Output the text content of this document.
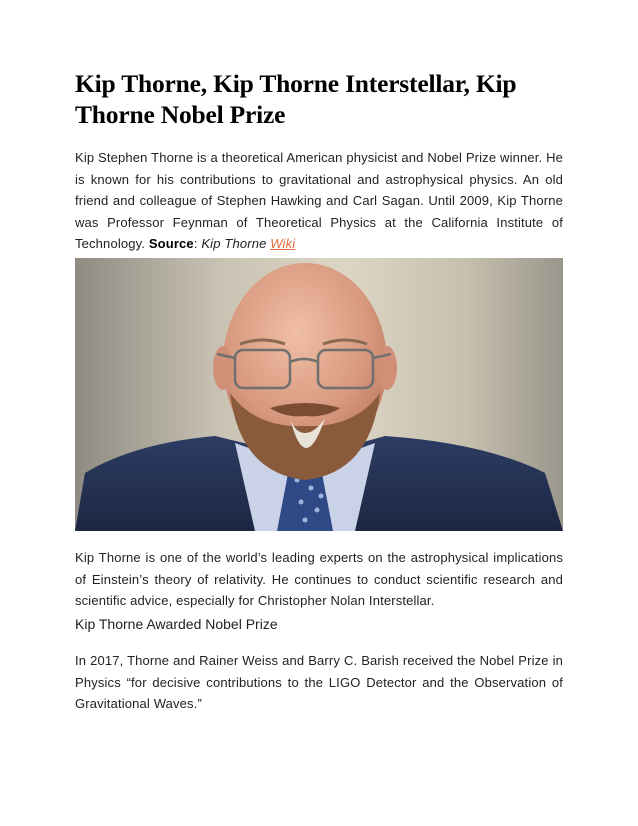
Kip Thorne, Kip Thorne Interstellar, Kip Thorne Nobel Prize

Kip Stephen Thorne is a theoretical American physicist and Nobel Prize winner. He is known for his contributions to gravitational and astrophysical physics. An old friend and colleague of Stephen Hawking and Carl Sagan. Until 2009, Kip Thorne was Professor Feynman of Theoretical Physics at the California Institute of Technology. Source: Kip Thorne Wiki

Kip Thorne is one of the world’s leading experts on the astrophysical implications of Einstein’s theory of relativity. He continues to conduct scientific research and scientific advice, especially for Christopher Nolan Interstellar.

Kip Thorne Awarded Nobel Prize

In 2017, Thorne and Rainer Weiss and Barry C. Barish received the Nobel Prize in Physics “for decisive contributions to the LIGO Detector and the Observation of Gravitational Waves.”
